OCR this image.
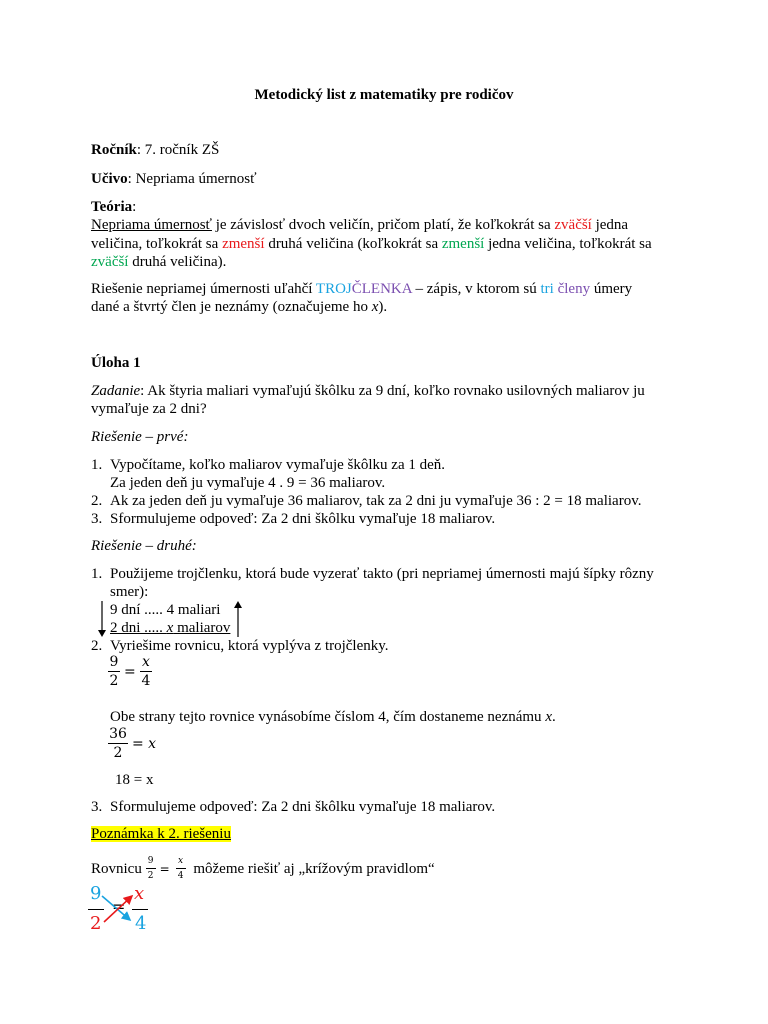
Metodický list z matematiky pre rodičov
Ročník: 7. ročník ZŠ
Učivo: Nepriama úmernosť
Teória:
Nepriama úmernosť je závislosť dvoch veličín, pričom platí, že koľkokrát sa zväčší jedna
veličina, toľkokrát sa zmenší druhá veličina (koľkokrát sa zmenší jedna veličina, toľkokrát sa
zväčší druhá veličina).
Riešenie nepriamej úmernosti uľahčí TROJČLENKA – zápis, v ktorom sú tri členy úmery
dané a štvrtý člen je neznámy (označujeme ho x).
Úloha 1
Zadanie: Ak štyria maliari vymaľujú škôlku za 9 dní, koľko rovnako usilovných maliarov ju
vymaľuje za 2 dni?
Riešenie – prvé:
1. Vypočítame, koľko maliarov vymaľuje škôlku za 1 deň.
Za jeden deň ju vymaľuje 4 . 9 = 36 maliarov.
2. Ak za jeden deň ju vymaľuje 36 maliarov, tak za 2 dni ju vymaľuje 36 : 2 = 18 maliarov.
3. Sformulujeme odpoveď: Za 2 dni škôlku vymaľuje 18 maliarov.
Riešenie – druhé:
1. Použijeme trojčlenku, ktorá bude vyzerať takto (pri nepriamej úmernosti majú šípky rôzny
smer):
9 dní ..... 4 maliari
2 dni ..... x maliarov
2. Vyriešime rovnicu, ktorá vyplýva z trojčlenky.
9
2
=
x
4
Obe strany tejto rovnice vynásobíme číslom 4, čím dostaneme neznámu x.
36
2
= x
18 = x
3. Sformulujeme odpoveď: Za 2 dni škôlku vymaľuje 18 maliarov.
Poznámka k 2. riešeniu
Rovnicu 9
2 =
x
4 môžeme riešiť aj „krížovým pravidlom“
9
2
=
x
4
